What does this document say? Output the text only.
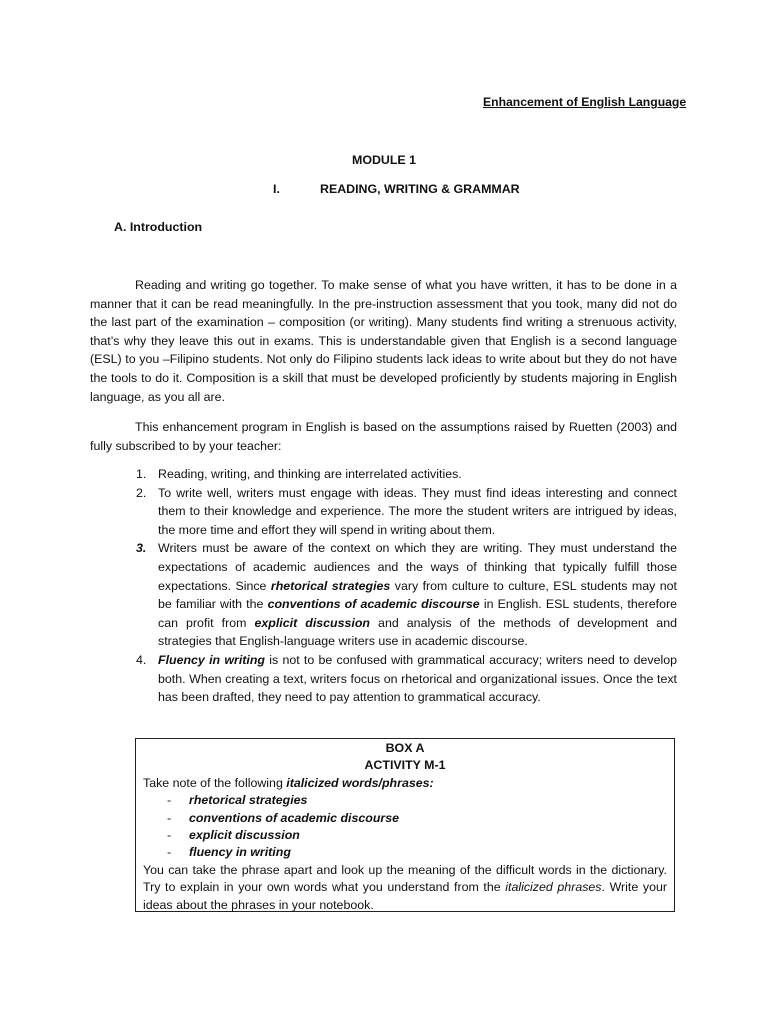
Enhancement of English Language
MODULE 1
I.	READING, WRITING & GRAMMAR
A. Introduction
Reading and writing go together. To make sense of what you have written, it has to be done in a manner that it can be read meaningfully. In the pre-instruction assessment that you took, many did not do the last part of the examination – composition (or writing). Many students find writing a strenuous activity, that’s why they leave this out in exams. This is understandable given that English is a second language (ESL) to you –Filipino students. Not only do Filipino students lack ideas to write about but they do not have the tools to do it. Composition is a skill that must be developed proficiently by students majoring in English language, as you all are.
This enhancement program in English is based on the assumptions raised by Ruetten (2003) and fully subscribed to by your teacher:
1. Reading, writing, and thinking are interrelated activities.
2. To write well, writers must engage with ideas. They must find ideas interesting and connect them to their knowledge and experience. The more the student writers are intrigued by ideas, the more time and effort they will spend in writing about them.
3. Writers must be aware of the context on which they are writing. They must understand the expectations of academic audiences and the ways of thinking that typically fulfill those expectations. Since rhetorical strategies vary from culture to culture, ESL students may not be familiar with the conventions of academic discourse in English. ESL students, therefore can profit from explicit discussion and analysis of the methods of development and strategies that English-language writers use in academic discourse.
4. Fluency in writing is not to be confused with grammatical accuracy; writers need to develop both. When creating a text, writers focus on rhetorical and organizational issues. Once the text has been drafted, they need to pay attention to grammatical accuracy.
BOX A
ACTIVITY M-1
Take note of the following italicized words/phrases:
-	rhetorical strategies
-	conventions of academic discourse
-	explicit discussion
-	fluency in writing
You can take the phrase apart and look up the meaning of the difficult words in the dictionary. Try to explain in your own words what you understand from the italicized phrases. Write your ideas about the phrases in your notebook.
